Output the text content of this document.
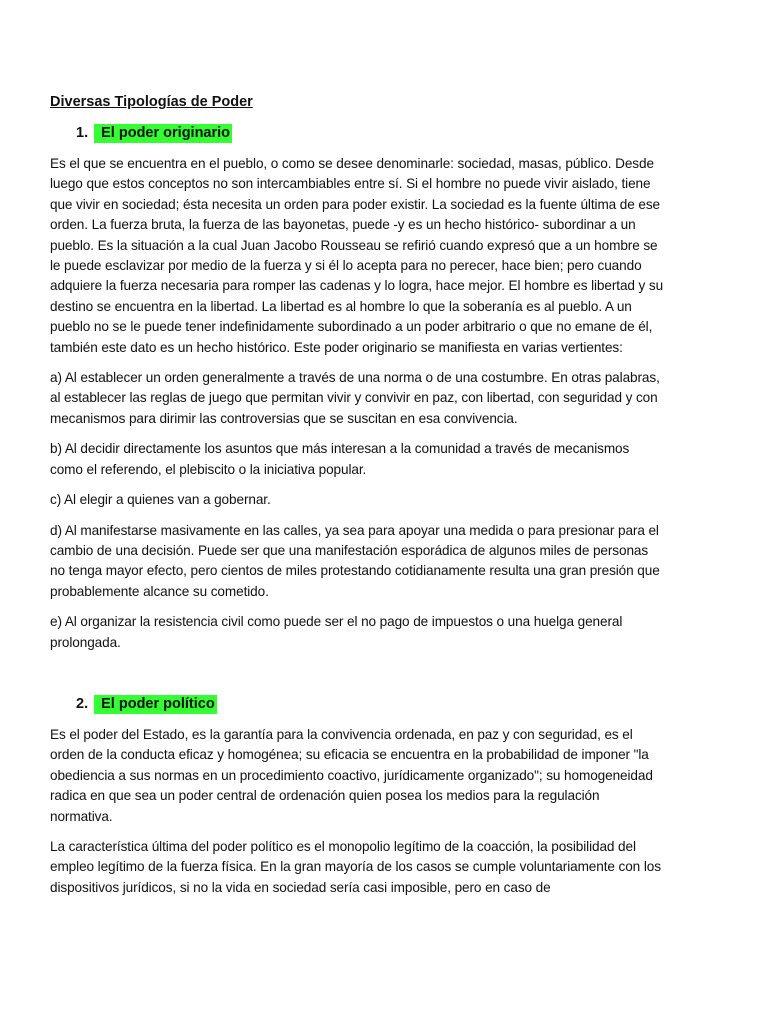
Diversas Tipologías de Poder
1. El poder originario

Es el que se encuentra en el pueblo, o como se desee denominarle: sociedad, masas, público. Desde luego que estos conceptos no son intercambiables entre sí. Si el hombre no puede vivir aislado, tiene que vivir en sociedad; ésta necesita un orden para poder existir. La sociedad es la fuente última de ese orden. La fuerza bruta, la fuerza de las bayonetas, puede -y es un hecho histórico- subordinar a un pueblo. Es la situación a la cual Juan Jacobo Rousseau se refirió cuando expresó que a un hombre se le puede esclavizar por medio de la fuerza y si él lo acepta para no perecer, hace bien; pero cuando adquiere la fuerza necesaria para romper las cadenas y lo logra, hace mejor. El hombre es libertad y su destino se encuentra en la libertad. La libertad es al hombre lo que la soberanía es al pueblo. A un pueblo no se le puede tener indefinidamente subordinado a un poder arbitrario o que no emane de él, también este dato es un hecho histórico. Este poder originario se manifiesta en varias vertientes:

a) Al establecer un orden generalmente a través de una norma o de una costumbre. En otras palabras, al establecer las reglas de juego que permitan vivir y convivir en paz, con libertad, con seguridad y con mecanismos para dirimir las controversias que se suscitan en esa convivencia.

b) Al decidir directamente los asuntos que más interesan a la comunidad a través de mecanismos como el referendo, el plebiscito o la iniciativa popular.

c) Al elegir a quienes van a gobernar.

d) Al manifestarse masivamente en las calles, ya sea para apoyar una medida o para presionar para el cambio de una decisión. Puede ser que una manifestación esporádica de algunos miles de personas no tenga mayor efecto, pero cientos de miles protestando cotidianamente resulta una gran presión que probablemente alcance su cometido.

e) Al organizar la resistencia civil como puede ser el no pago de impuestos o una huelga general prolongada.

2. El poder político

Es el poder del Estado, es la garantía para la convivencia ordenada, en paz y con seguridad, es el orden de la conducta eficaz y homogénea; su eficacia se encuentra en la probabilidad de imponer "la obediencia a sus normas en un procedimiento coactivo, jurídicamente organizado"; su homogeneidad radica en que sea un poder central de ordenación quien posea los medios para la regulación normativa.

La característica última del poder político es el monopolio legítimo de la coacción, la posibilidad del empleo legítimo de la fuerza física. En la gran mayoría de los casos se cumple voluntariamente con los dispositivos jurídicos, si no la vida en sociedad sería casi imposible, pero en caso de
